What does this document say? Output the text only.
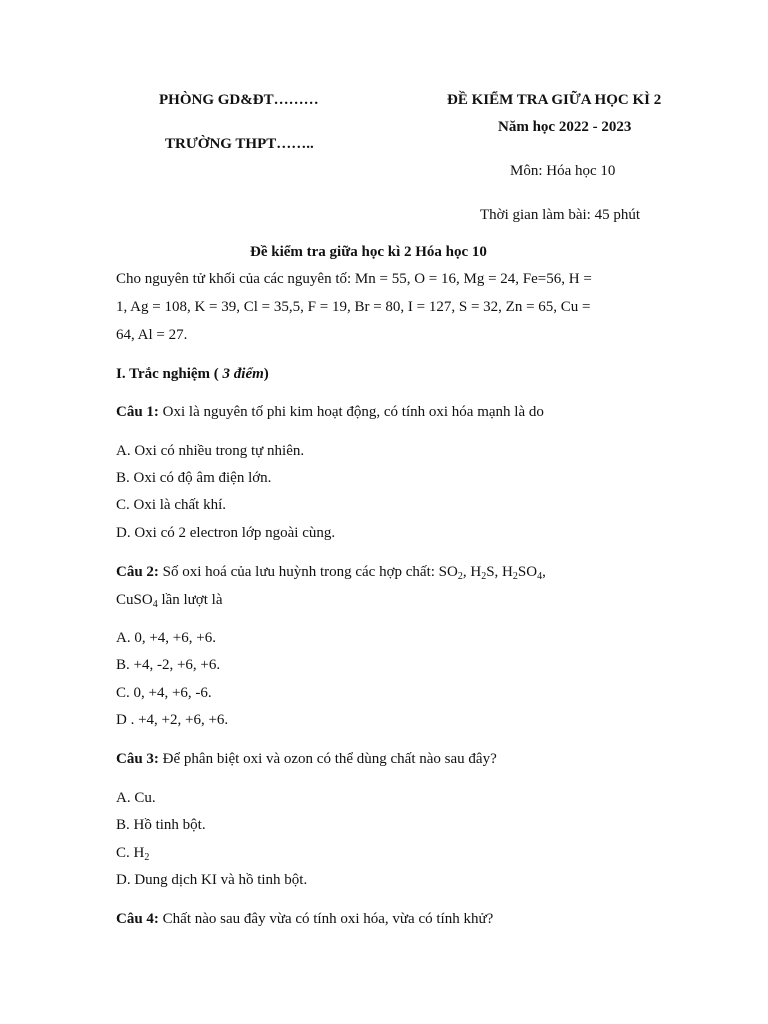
PHÒNG GD&ĐT………
TRƯỜNG THPT……..
ĐỀ KIỂM TRA GIỮA HỌC KÌ 2
Năm học 2022 - 2023
Môn: Hóa học 10
Thời gian làm bài: 45 phút
Đề kiểm tra giữa học kì 2 Hóa học 10
Cho nguyên tử khối của các nguyên tố: Mn = 55, O = 16, Mg = 24, Fe=56, H =
1, Ag = 108, K = 39, Cl = 35,5, F = 19, Br = 80, I = 127, S = 32, Zn = 65, Cu =
64, Al = 27.
I. Trắc nghiệm ( 3 điểm)
Câu 1: Oxi là nguyên tố phi kim hoạt động, có tính oxi hóa mạnh là do
A. Oxi có nhiều trong tự nhiên.
B. Oxi có độ âm điện lớn.
C. Oxi là chất khí.
D. Oxi có 2 electron lớp ngoài cùng.
Câu 2: Số oxi hoá của lưu huỳnh trong các hợp chất: $SO_2$, $H_2S$, $H_2SO_4$,
CuSO$_4$ lần lượt là
A. 0, +4, +6, +6.
B. +4, -2, +6, +6.
C. 0, +4, +6, -6.
D . +4, +2, +6, +6.
Câu 3: Để phân biệt oxi và ozon có thể dùng chất nào sau đây?
A. Cu.
B. Hồ tinh bột.
C. $H_2$
D. Dung dịch KI và hồ tinh bột.
Câu 4: Chất nào sau đây vừa có tính oxi hóa, vừa có tính khử?
